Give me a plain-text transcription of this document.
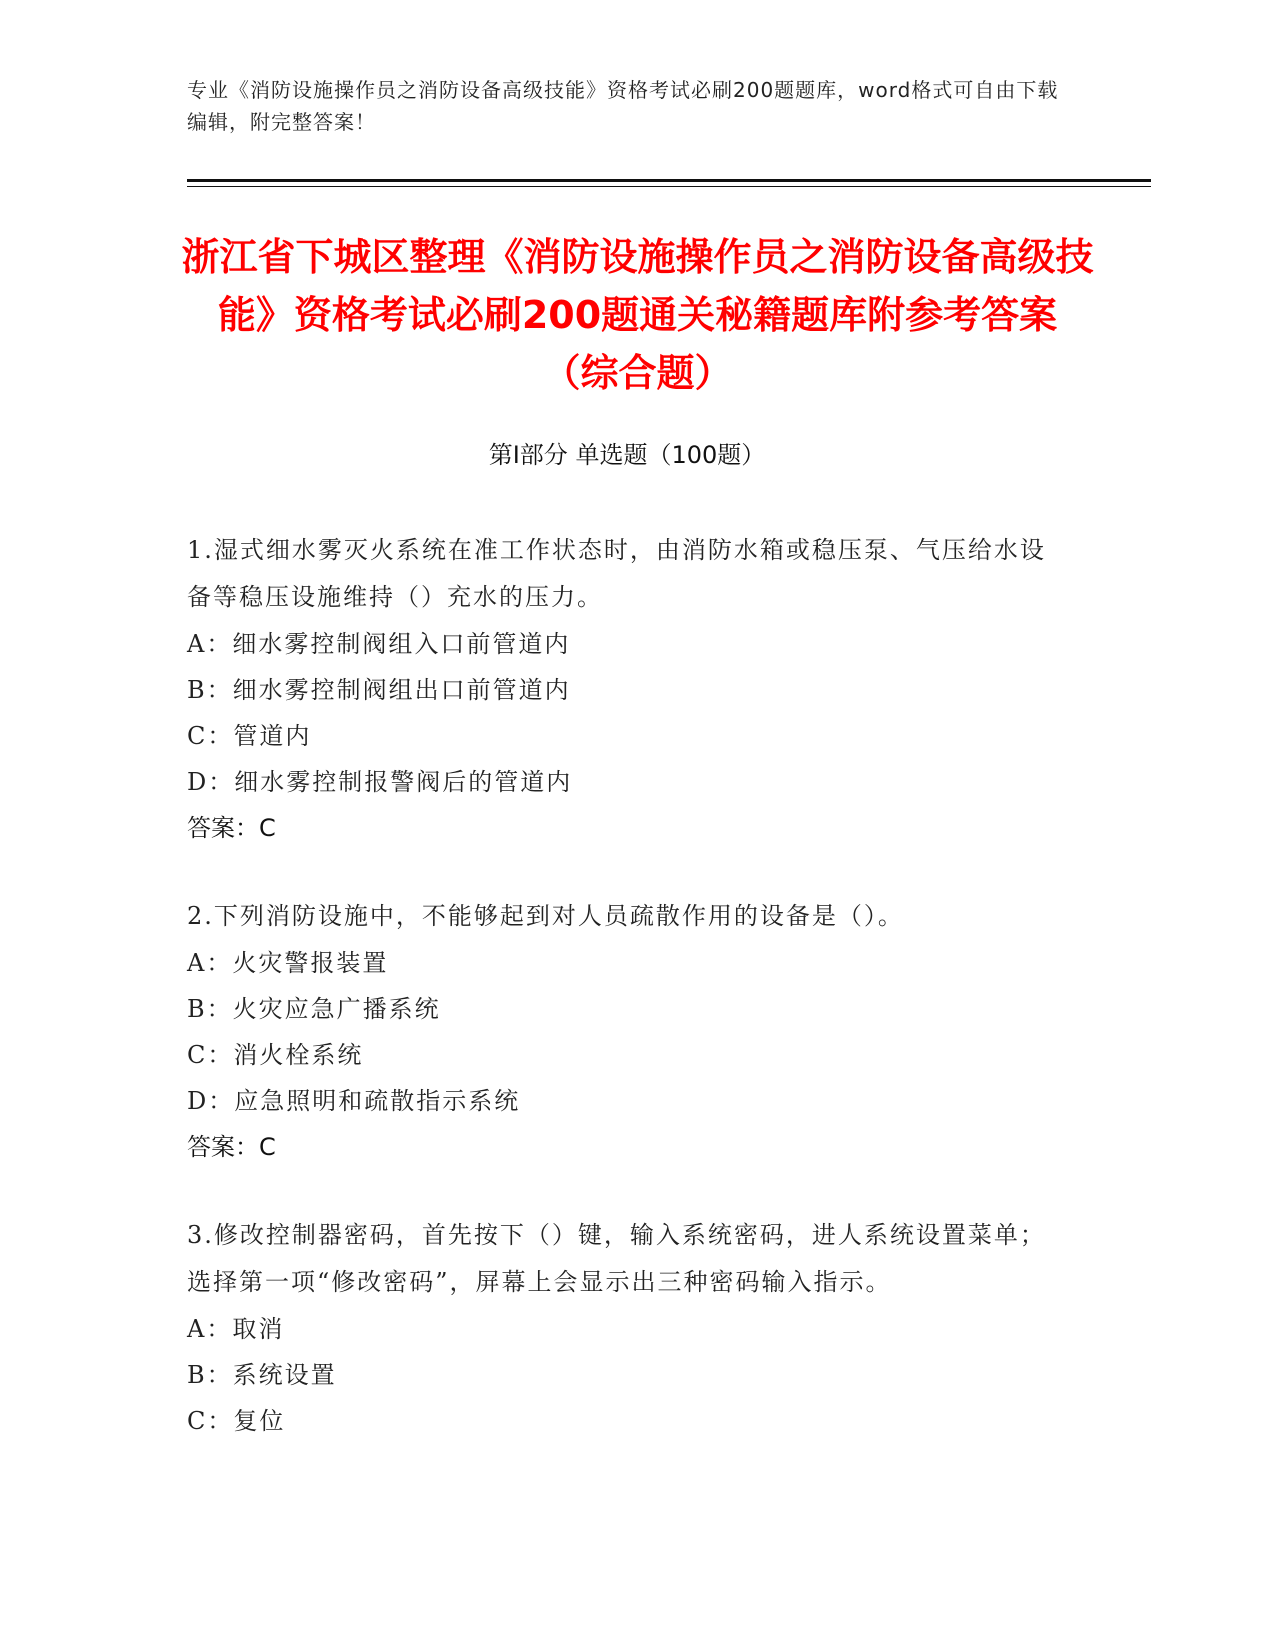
专业《消防设施操作员之消防设备高级技能》资格考试必刷200题题库，word格式可自由下载编辑，附完整答案！
浙江省下城区整理《消防设施操作员之消防设备高级技能》资格考试必刷200题通关秘籍题库附参考答案（综合题）
第Ⅰ部分 单选题（100题）
1.湿式细水雾灭火系统在准工作状态时，由消防水箱或稳压泵、气压给水设备等稳压设施维持（）充水的压力。
A：细水雾控制阀组入口前管道内
B：细水雾控制阀组出口前管道内
C：管道内
D：细水雾控制报警阀后的管道内
答案：C
2.下列消防设施中，不能够起到对人员疏散作用的设备是（）。
A：火灾警报装置
B：火灾应急广播系统
C：消火栓系统
D：应急照明和疏散指示系统
答案：C
3.修改控制器密码，首先按下（）键，输入系统密码，进人系统设置菜单；选择第一项“修改密码”，屏幕上会显示出三种密码输入指示。
A：取消
B：系统设置
C：复位
